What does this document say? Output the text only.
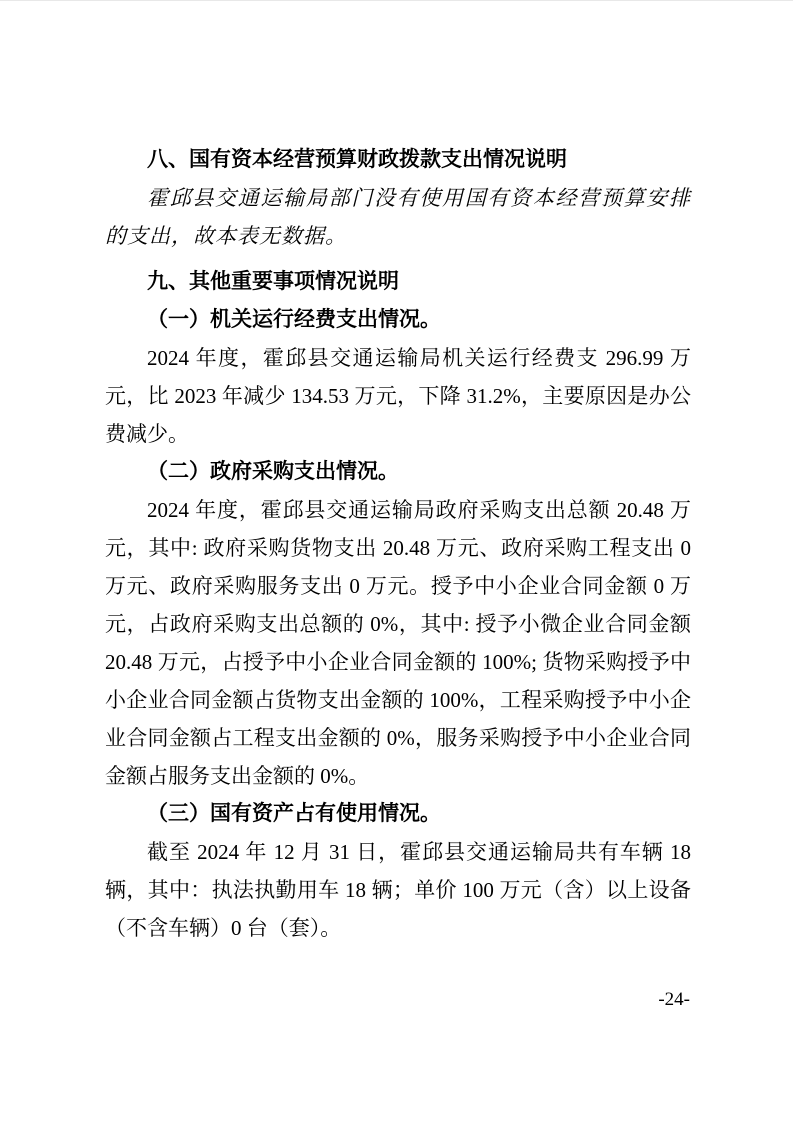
八、国有资本经营预算财政拨款支出情况说明

霍邱县交通运输局部门没有使用国有资本经营预算安排的支出，故本表无数据。

九、其他重要事项情况说明
（一）机关运行经费支出情况。

2024 年度，霍邱县交通运输局机关运行经费支 296.99 万元，比 2023 年减少 134.53 万元，下降 31.2%，主要原因是办公费减少。

（二）政府采购支出情况。

2024 年度，霍邱县交通运输局政府采购支出总额 20.48 万元，其中: 政府采购货物支出 20.48 万元、政府采购工程支出 0 万元、政府采购服务支出 0 万元。授予中小企业合同金额 0 万元，占政府采购支出总额的 0%，其中: 授予小微企业合同金额 20.48 万元，占授予中小企业合同金额的 100%; 货物采购授予中小企业合同金额占货物支出金额的 100%，工程采购授予中小企业合同金额占工程支出金额的 0%，服务采购授予中小企业合同金额占服务支出金额的 0%。

（三）国有资产占有使用情况。

截至 2024 年 12 月 31 日，霍邱县交通运输局共有车辆 18 辆，其中：执法执勤用车 18 辆；单价 100 万元（含）以上设备（不含车辆）0 台（套）。

-24-
